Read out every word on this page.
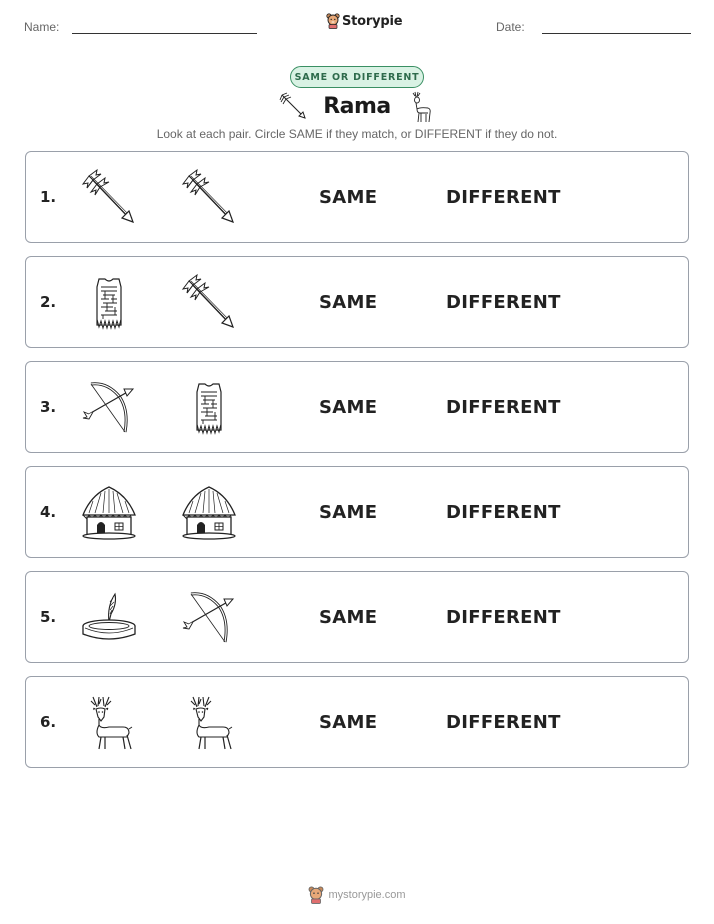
Name:	Storypie	Date:
SAME OR DIFFERENT
Rama
Look at each pair. Circle SAME if they match, or DIFFERENT if they do not.
1.	SAME	DIFFERENT
2.	SAME	DIFFERENT
3.	SAME	DIFFERENT
4.	SAME	DIFFERENT
5.	SAME	DIFFERENT
6.	SAME	DIFFERENT
mystorypie.com
